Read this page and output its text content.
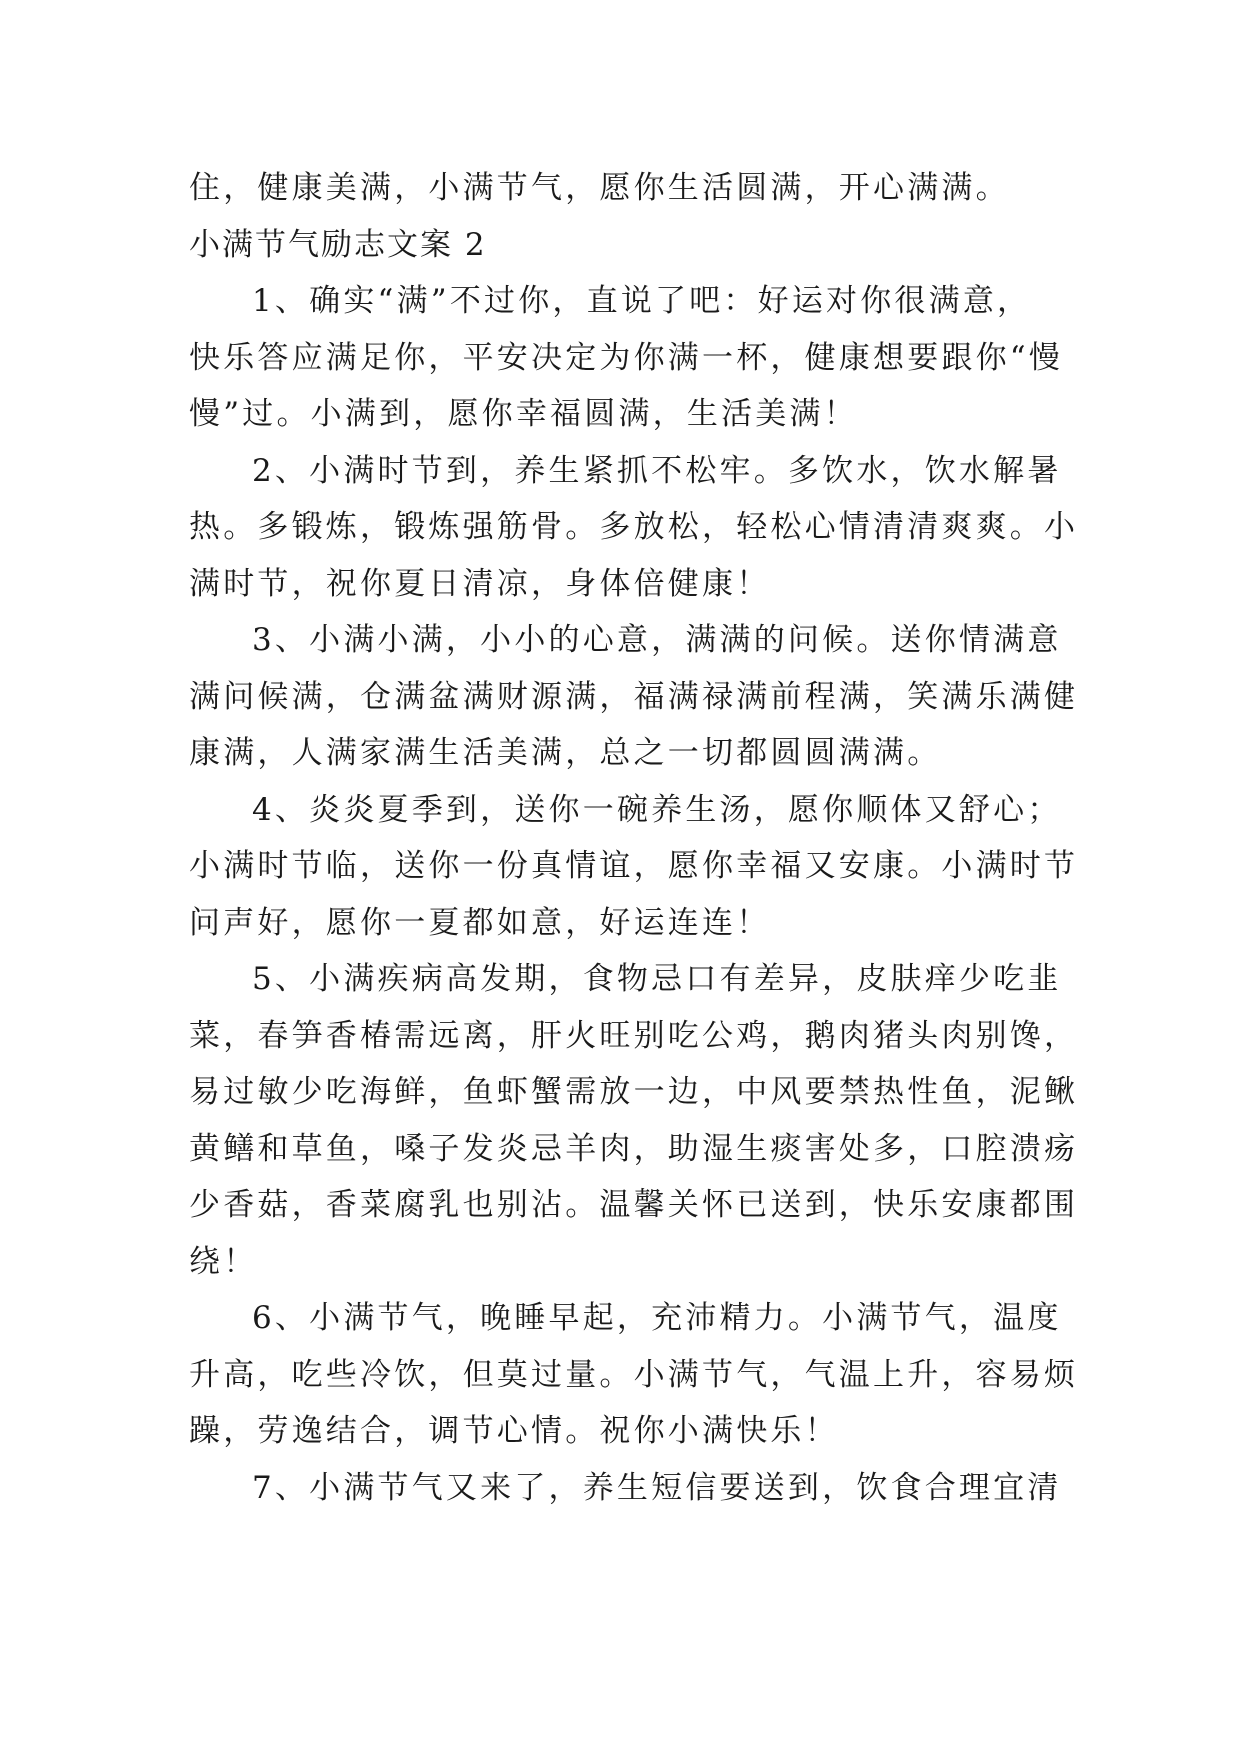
住，健康美满，小满节气，愿你生活圆满，开心满满。
小满节气励志文案 2
1、确实“满”不过你，直说了吧：好运对你很满意，
快乐答应满足你，平安决定为你满一杯，健康想要跟你“慢
慢”过。小满到，愿你幸福圆满，生活美满！
2、小满时节到，养生紧抓不松牢。多饮水，饮水解暑
热。多锻炼，锻炼强筋骨。多放松，轻松心情清清爽爽。小
满时节，祝你夏日清凉，身体倍健康！
3、小满小满，小小的心意，满满的问候。送你情满意
满问候满，仓满盆满财源满，福满禄满前程满，笑满乐满健
康满，人满家满生活美满，总之一切都圆圆满满。
4、炎炎夏季到，送你一碗养生汤，愿你顺体又舒心；
小满时节临，送你一份真情谊，愿你幸福又安康。小满时节
问声好，愿你一夏都如意，好运连连！
5、小满疾病高发期，食物忌口有差异，皮肤痒少吃韭
菜，春笋香椿需远离，肝火旺别吃公鸡，鹅肉猪头肉别馋，
易过敏少吃海鲜，鱼虾蟹需放一边，中风要禁热性鱼，泥鳅
黄鳝和草鱼，嗓子发炎忌羊肉，助湿生痰害处多，口腔溃疡
少香菇，香菜腐乳也别沾。温馨关怀已送到，快乐安康都围
绕！
6、小满节气，晚睡早起，充沛精力。小满节气，温度
升高，吃些冷饮，但莫过量。小满节气，气温上升，容易烦
躁，劳逸结合，调节心情。祝你小满快乐！
7、小满节气又来了，养生短信要送到，饮食合理宜清
